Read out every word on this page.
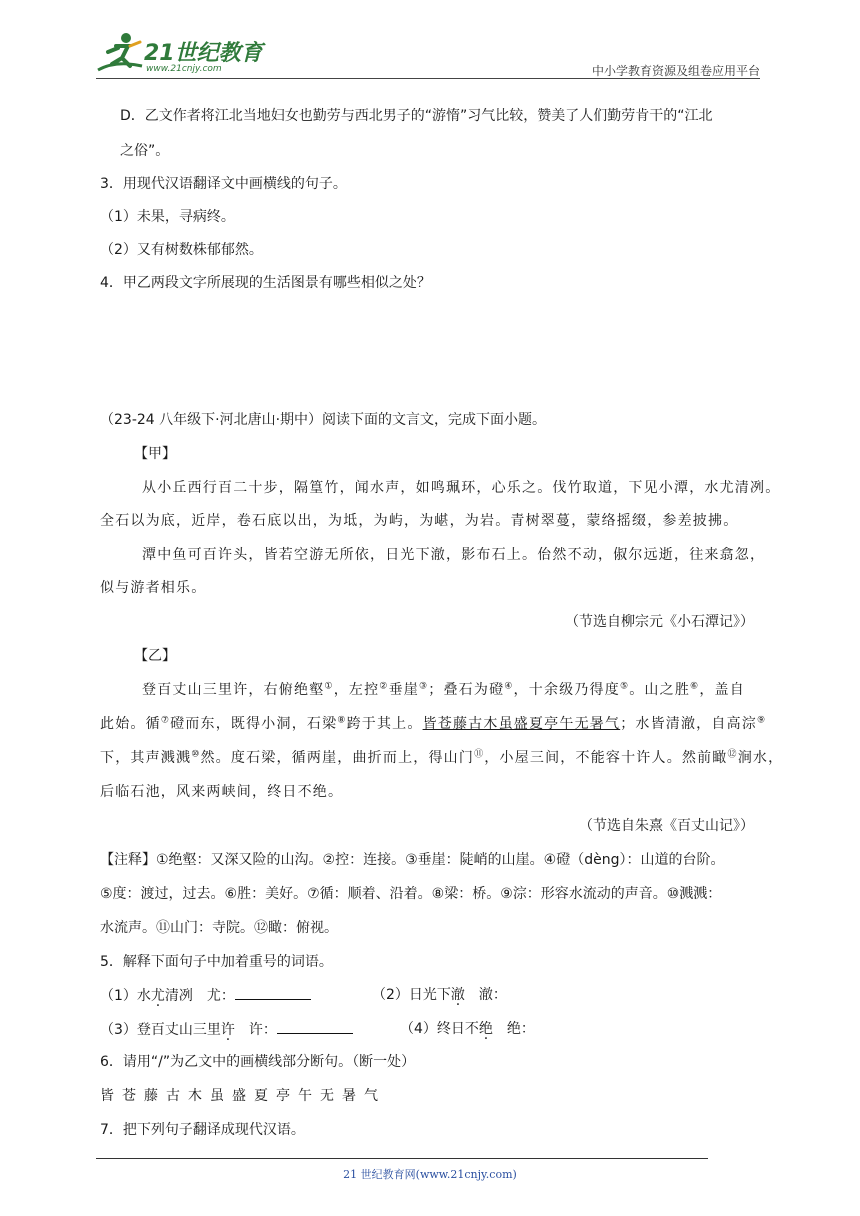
21世纪教育
www.21cnjy.com	中小学教育资源及组卷应用平台
D．乙文作者将江北当地妇女也勤劳与西北男子的“游惰”习气比较，赞美了人们勤劳肯干的“江北
之俗”。
3．用现代汉语翻译文中画横线的句子。
（1）未果，寻病终。
（2）又有树数株郁郁然。
4．甲乙两段文字所展现的生活图景有哪些相似之处？
（23-24 八年级下·河北唐山·期中）阅读下面的文言文，完成下面小题。
【甲】
从小丘西行百二十步，隔篁竹，闻水声，如鸣珮环，心乐之。伐竹取道，下见小潭，水尤清冽。
全石以为底，近岸，卷石底以出，为坻，为屿，为嵁，为岩。青树翠蔓，蒙络摇缀，参差披拂。
潭中鱼可百许头，皆若空游无所依，日光下澈，影布石上。佁然不动，俶尔远逝，往来翕忽，
似与游者相乐。
（节选自柳宗元《小石潭记》）
【乙】
登百丈山三里许，右俯绝壑①，左控②垂崖③；叠石为磴④，十余级乃得度⑤。山之胜⑥，盖自
此始。循⑦磴而东，既得小洞，石梁⑧跨于其上。皆苍藤古木虽盛夏亭午无暑气；水皆清澈，自高淙⑨
下，其声溅溅⑩然。度石梁，循两崖，曲折而上，得山门⑪，小屋三间，不能容十许人。然前瞰⑫涧水，
后临石池，风来两峡间，终日不绝。
（节选自朱熹《百丈山记》）
【注释】①绝壑：又深又险的山沟。②控：连接。③垂崖：陡峭的山崖。④磴（dèng）：山道的台阶。
⑤度：渡过，过去。⑥胜：美好。⑦循：顺着、沿着。⑧梁：桥。⑨淙：形容水流动的声音。⑩溅溅：
水流声。⑪山门：寺院。⑫瞰：俯视。
5．解释下面句子中加着重号的词语。
（1）水尤清冽　尤：	（2）日光下澈　澈：
（3）登百丈山三里许　许：	（4）终日不绝　绝：
6．请用“/”为乙文中的画横线部分断句。（断一处）
皆苍藤古木虽盛夏亭午无暑气
7．把下列句子翻译成现代汉语。
21 世纪教育网(www.21cnjy.com)
